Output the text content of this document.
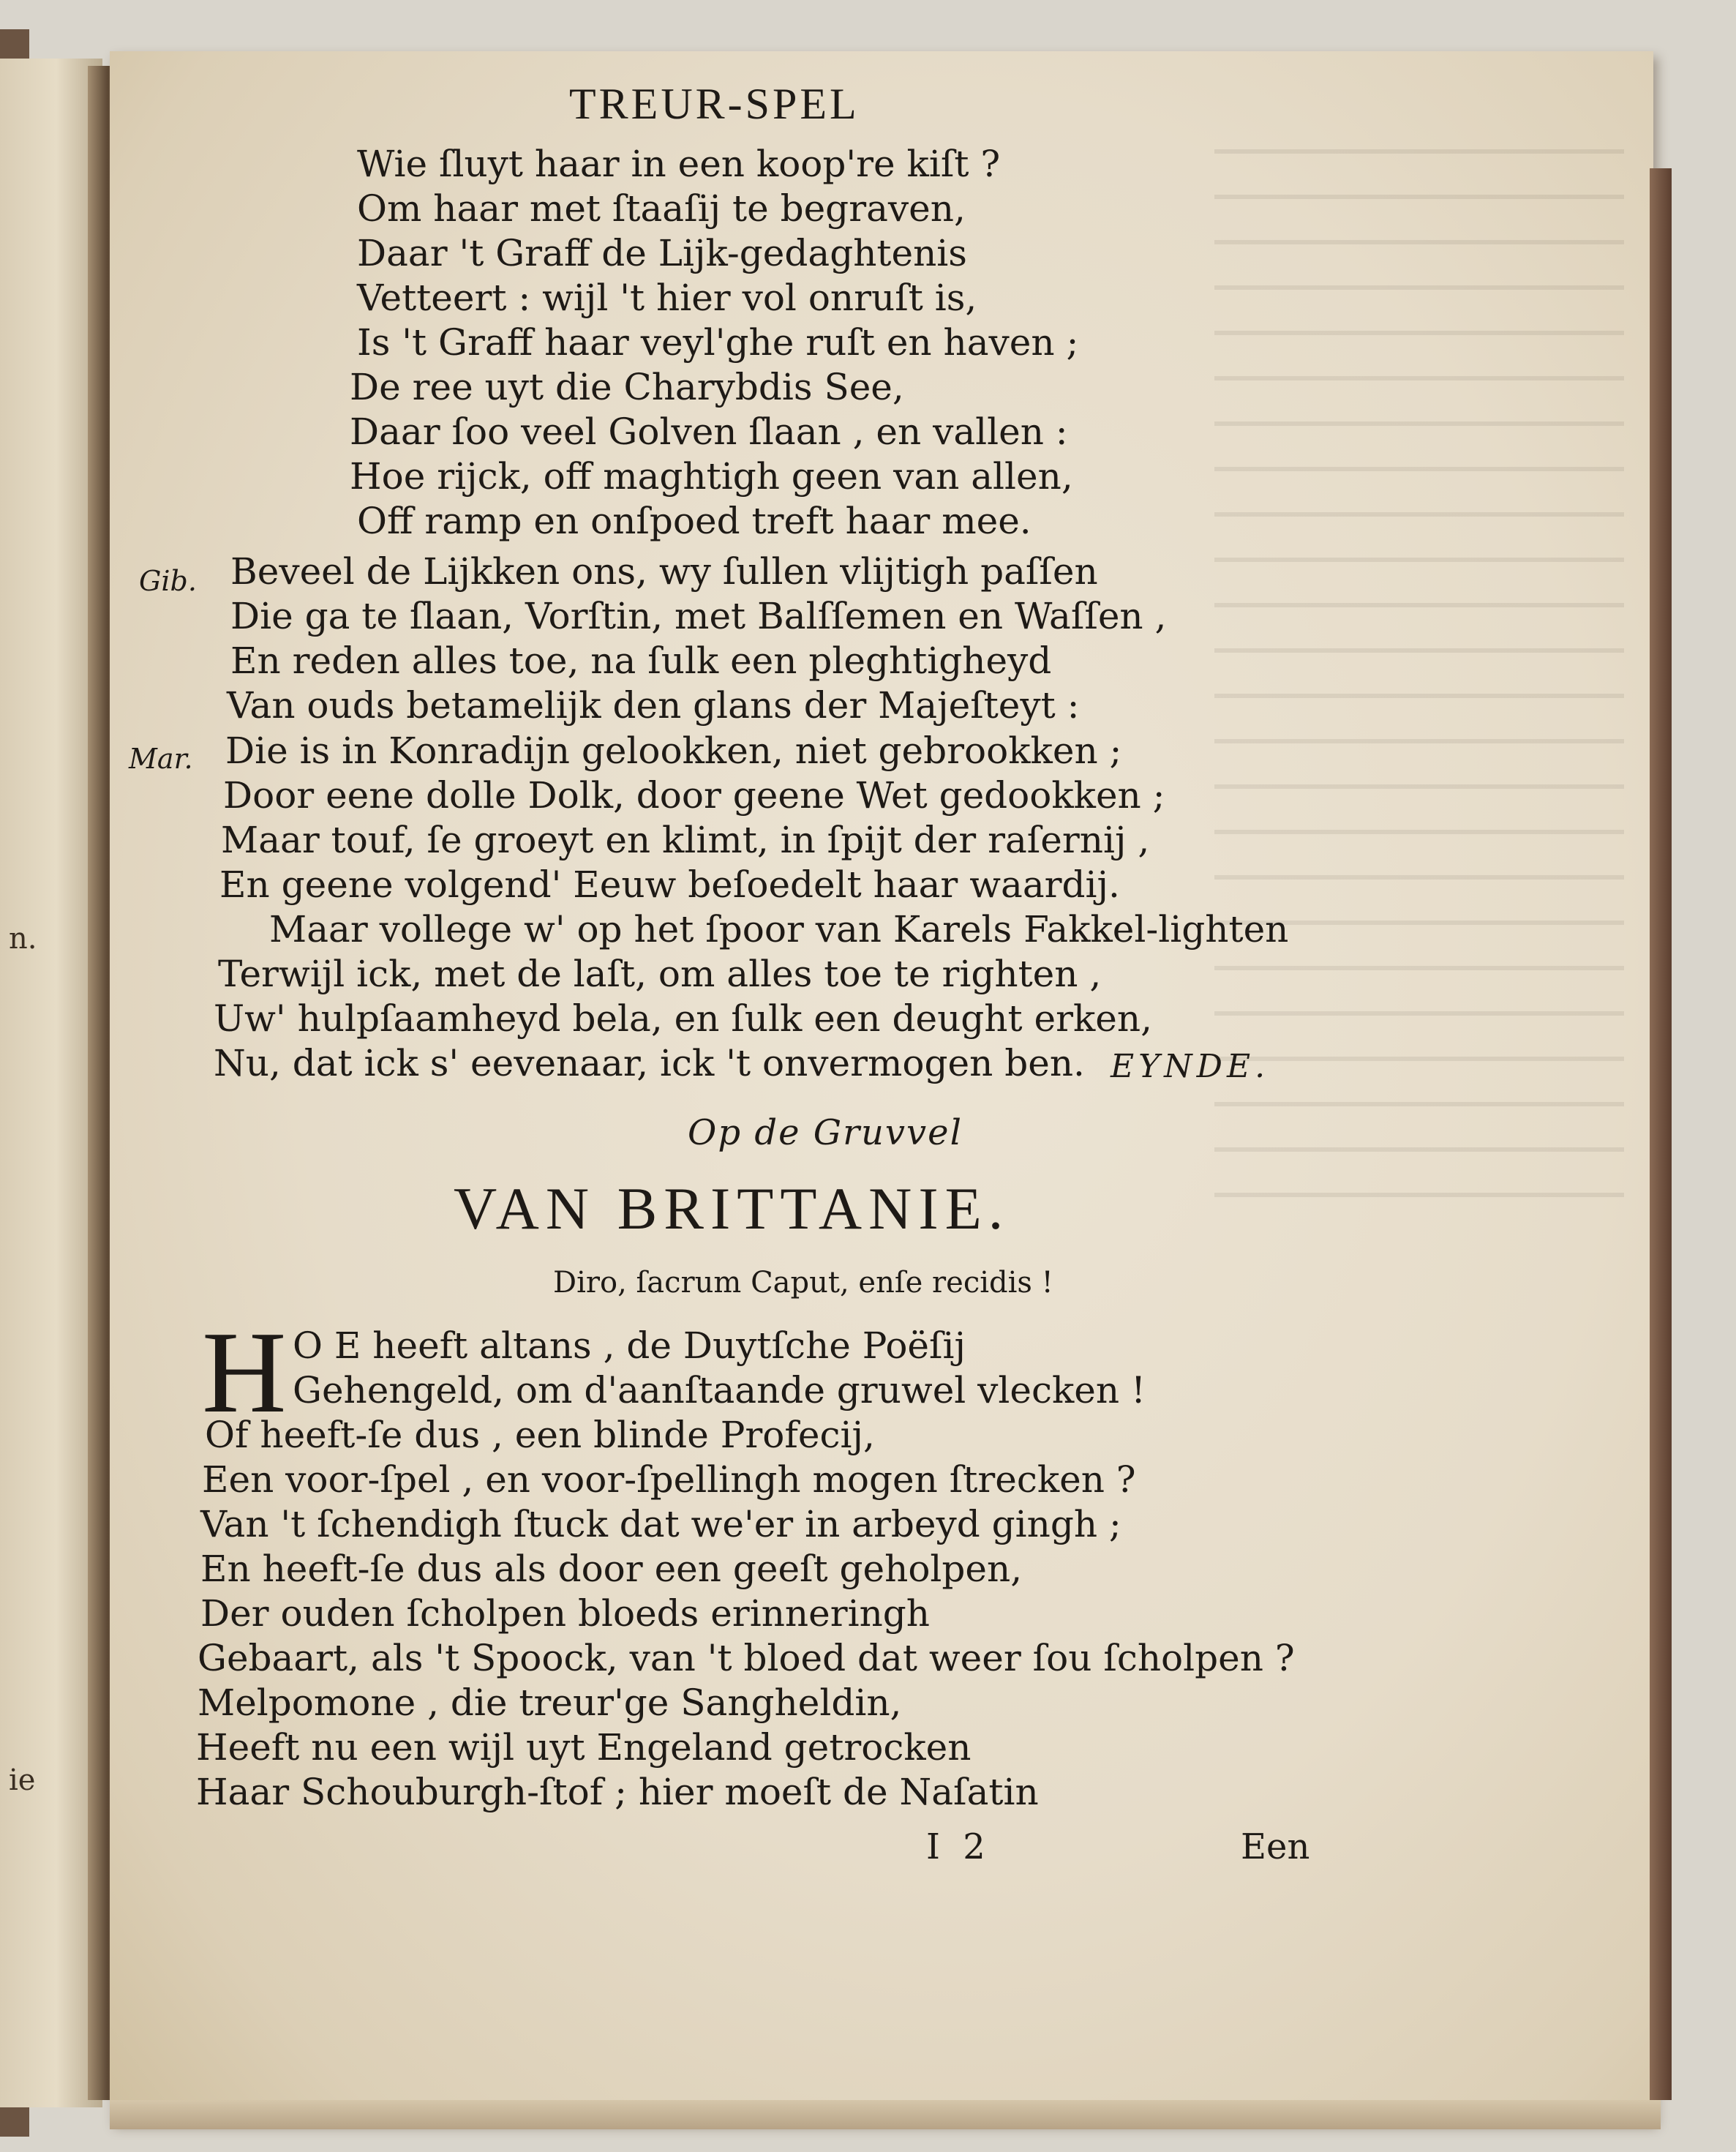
n.
ie
TREUR-SPEL
Wie ſluyt haar in een koop're kiſt ?
Om haar met ſtaaſij te begraven,
Daar 't Graff de Lijk-gedaghtenis
Vetteert : wijl 't hier vol onruſt is,
Is 't Graff haar veyl'ghe ruſt en haven ;
De ree uyt die Charybdis See,
Daar ſoo veel Golven ſlaan , en vallen :
Hoe rijck, off maghtigh geen van allen,
Off ramp en onſpoed treft haar mee.
Gib. Beveel de Lijkken ons, wy ſullen vlijtigh paſſen
Die ga te ſlaan, Vorſtin, met Balſſemen en Waſſen ,
En reden alles toe, na ſulk een pleghtigheyd
Van ouds betamelijk den glans der Majeſteyt :
Mar. Die is in Konradijn gelookken, niet gebrookken ;
Door eene dolle Dolk, door geene Wet gedookken ;
Maar touf, ſe groeyt en klimt, in ſpijt der raſernij ,
En geene volgend' Eeuw beſoedelt haar waardij.
Maar vollege w' op het ſpoor van Karels Fakkel-lighten
Terwijl ick, met de laſt, om alles toe te righten ,
Uw' hulpſaamheyd bela, en ſulk een deught erken,
Nu, dat ick s' eevenaar, ick 't onvermogen ben. EYNDE.
Op de Gruvvel
VAN BRITTANIE.
Diro, ſacrum Caput, enſe recidis !
H O E heeft altans , de Duytſche Poëſij
Gehengeld, om d'aanſtaande gruwel vlecken !
Of heeft-ſe dus , een blinde Profecij,
Een voor-ſpel , en voor-ſpellingh mogen ſtrecken ?
Van 't ſchendigh ſtuck dat we'er in arbeyd gingh ;
En heeft-ſe dus als door een geeſt geholpen,
Der ouden ſcholpen bloeds erinneringh
Gebaart, als 't Spoock, van 't bloed dat weer ſou ſcholpen ?
Melpomone , die treur'ge Sangheldin,
Heeft nu een wijl uyt Engeland getrocken
Haar Schouburgh-ſtof ; hier moeſt de Naſatin
I 2	Een
